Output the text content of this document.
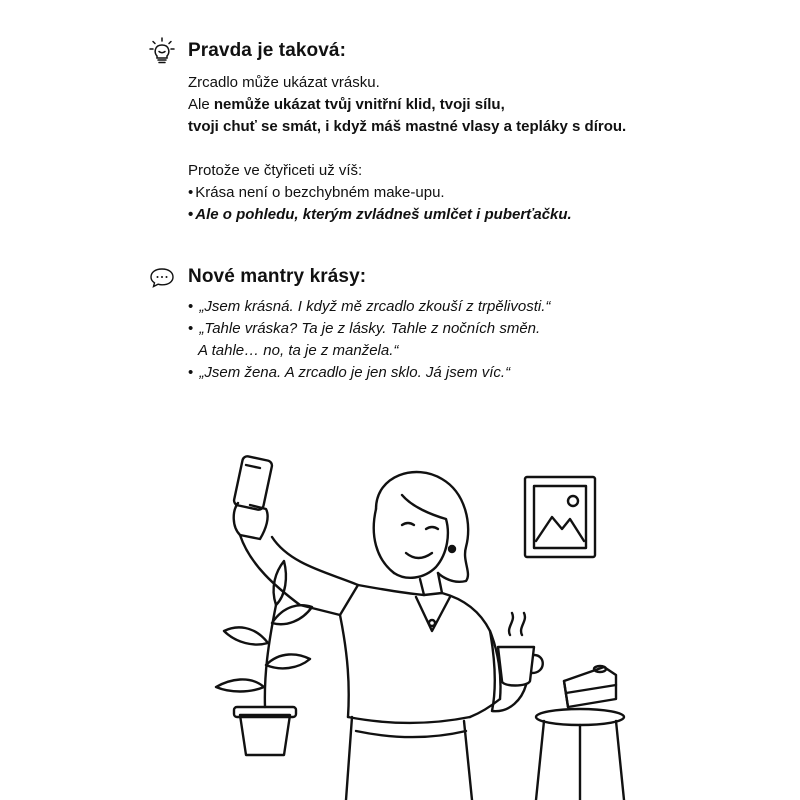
Pravda je taková:
Zrcadlo může ukázat vrásku.
Ale nemůže ukázat tvůj vnitřní klid, tvoji sílu,
tvoji chuť se smát, i když máš mastné vlasy a tepláky s dírou.
Protože ve čtyřiceti už víš:
• Krása není o bezchybném make-upu.
• Ale o pohledu, kterým zvládneš umlčet i puberťačku.
Nové mantry krásy:
• „Jsem krásná. I když mě zrcadlo zkouší z trpělivosti.“
• „Tahle vráska? Ta je z lásky. Tahle z nočních směn.
A tahle… no, ta je z manžela.“
• „Jsem žena. A zrcadlo je jen sklo. Já jsem víc.“
